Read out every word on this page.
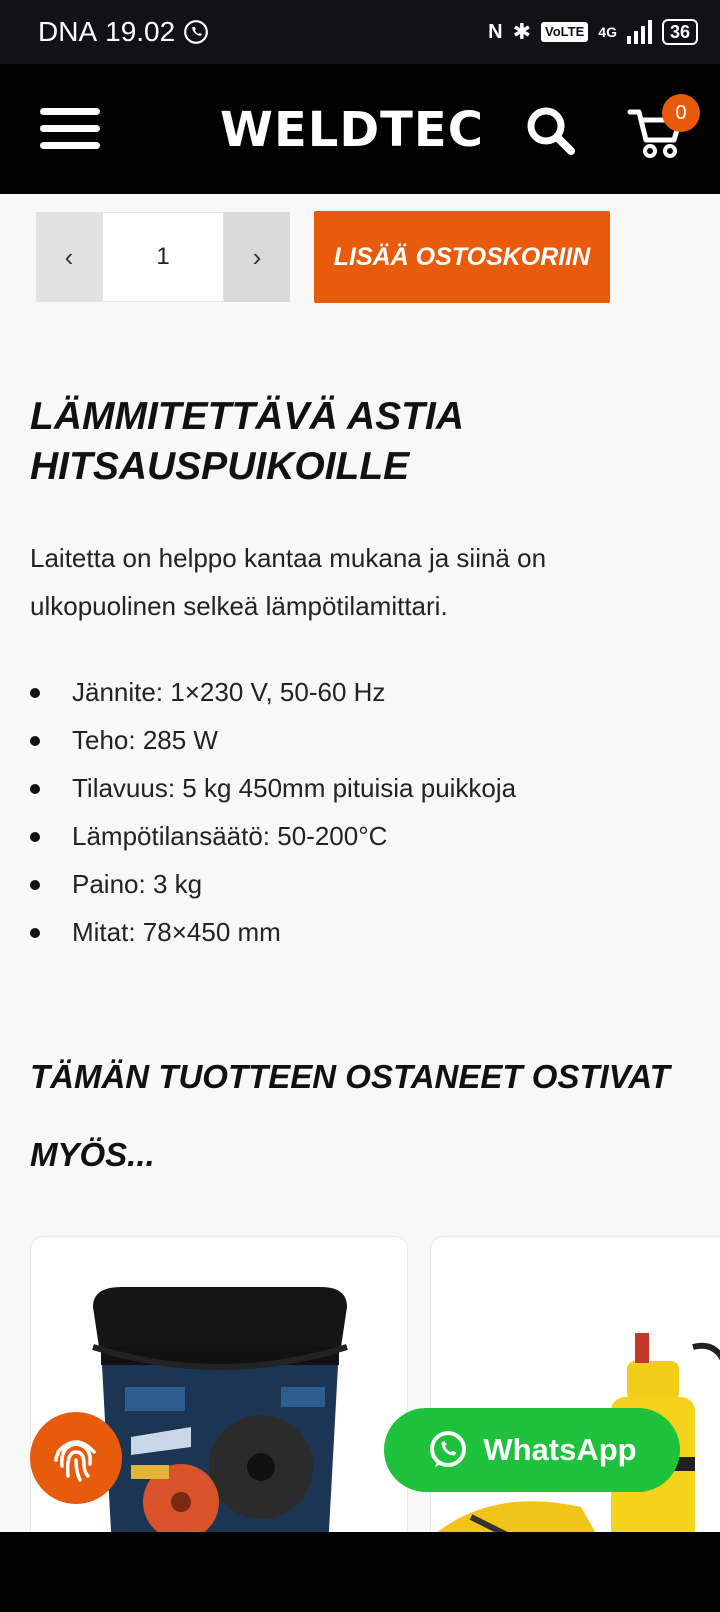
DNA 19.02	N ✱	VoLTE 4G	36
WELDTEC	0
‹
1	›	LISÄÄ OSTOSKORIIN
LÄMMITETTÄVÄ ASTIA HITSAUSPUIKOILLE

Laitetta on helppo kantaa mukana ja siinä on ulkopuolinen selkeä lämpötilamittari.

Jännite: 1×230 V, 50-60 Hz
Teho: 285 W
Tilavuus: 5 kg 450mm pituisia puikkoja
Lämpötilansäätö: 50-200°C
Paino: 3 kg
Mitat: 78×450 mm
TÄMÄN TUOTTEEN OSTANEET OSTIVAT MYÖS...
WhatsApp
